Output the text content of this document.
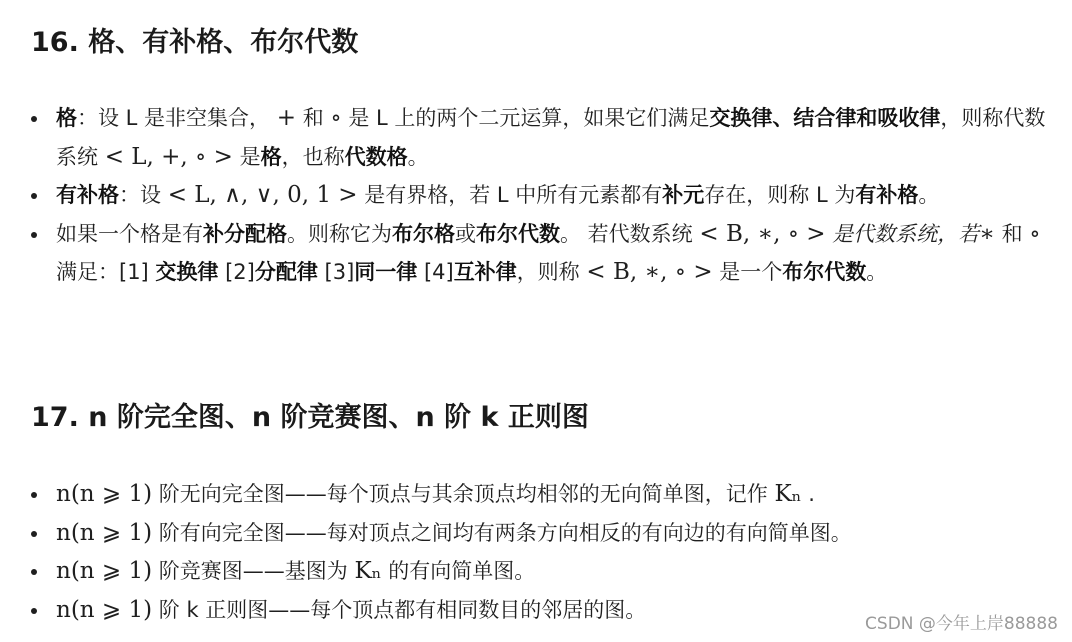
16. 格、有补格、布尔代数
格：设 L 是非空集合， + 和 ∘ 是 L 上的两个二元运算，如果它们满足交换律、结合律和吸收律，则称代数系统 < L, +, ∘ > 是格，也称代数格。
有补格：设 < L, ∧, ∨, 0, 1 > 是有界格，若 L 中所有元素都有补元存在，则称 L 为有补格。
如果一个格是有补分配格。则称它为布尔格或布尔代数。 若代数系统 < B, ∗, ∘ > 是代数系统，若∗ 和 ∘ 满足：[1] 交换律 [2]分配律 [3]同一律 [4]互补律，则称 < B, ∗, ∘ > 是一个布尔代数。
17. n 阶完全图、n 阶竞赛图、n 阶 k 正则图
n(n ⩾ 1) 阶无向完全图——每个顶点与其余顶点均相邻的无向简单图，记作 Kₙ .
n(n ⩾ 1) 阶有向完全图——每对顶点之间均有两条方向相反的有向边的有向简单图。
n(n ⩾ 1) 阶竞赛图——基图为 Kₙ 的有向简单图。
n(n ⩾ 1) 阶 k 正则图——每个顶点都有相同数目的邻居的图。
CSDN @今年上岸88888
